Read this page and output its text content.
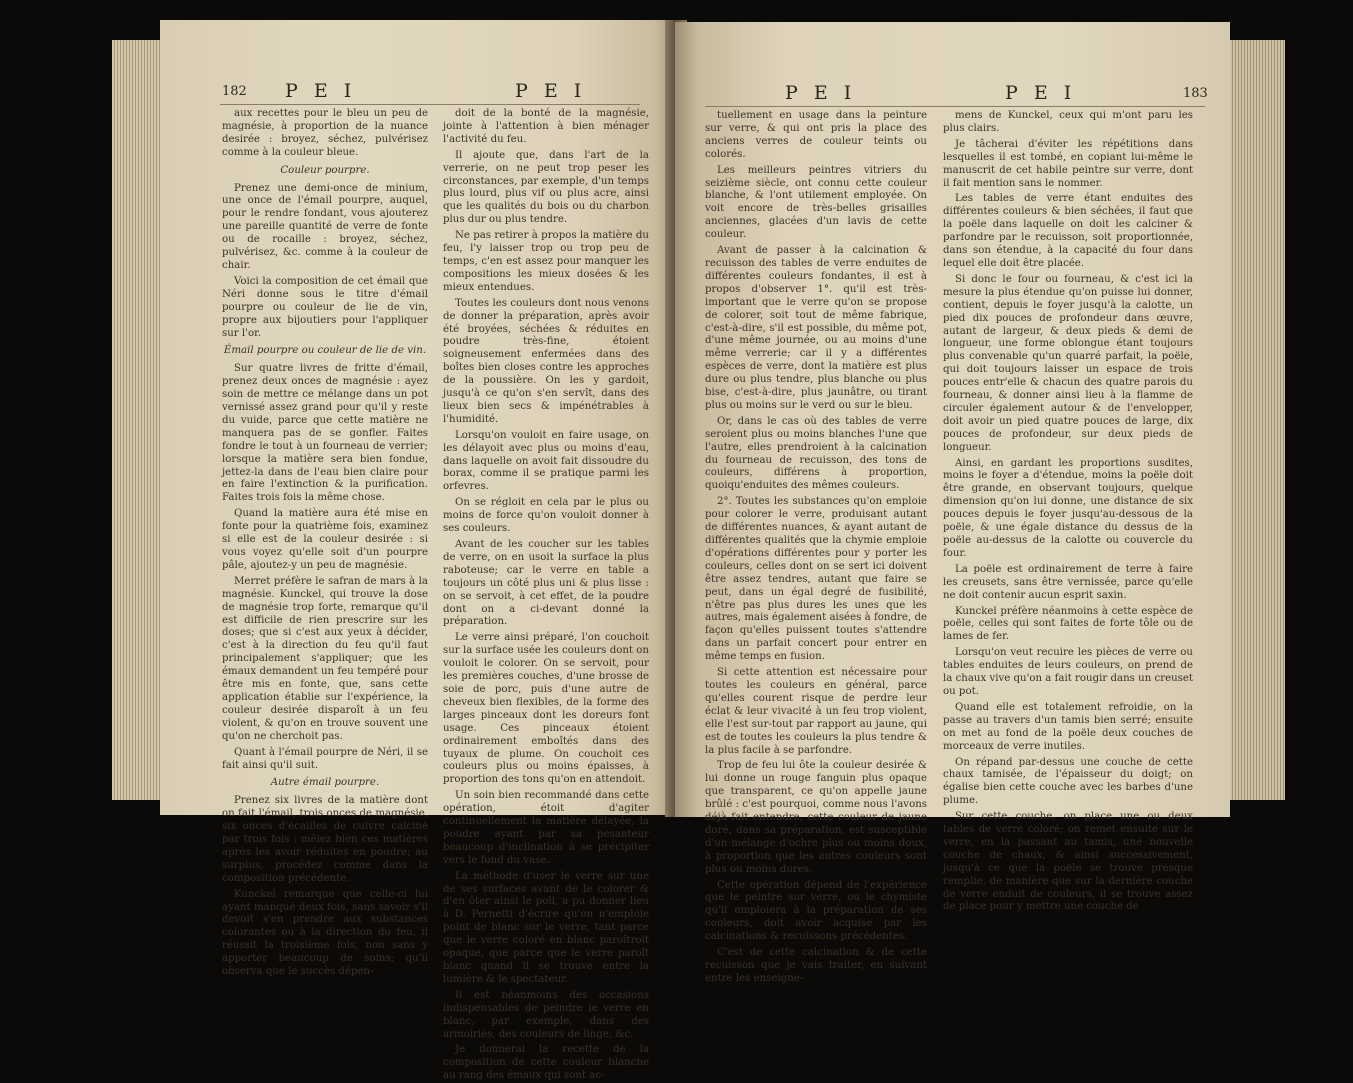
182 P E I	P E I

aux recettes pour le bleu un peu de magnésie, à proportion de la nuance desirée : broyez, séchez, pulvérisez comme à la couleur bleue.

Couleur pourpre.

Prenez une demi-once de minium, une once de l'émail pourpre, auquel, pour le rendre fondant, vous ajouterez une pareille quantité de verre de fonte ou de rocaille : broyez, séchez, pulvérisez, &c. comme à la couleur de chair.

Voici la composition de cet émail que Néri donne sous le titre d'émail pourpre ou couleur de lie de vin, propre aux bijoutiers pour l'appliquer sur l'or.

Émail pourpre ou couleur de lie de vin.

Sur quatre livres de fritte d'émail, prenez deux onces de magnésie : ayez soin de mettre ce mélange dans un pot vernissé assez grand pour qu'il y reste du vuide, parce que cette matière ne manquera pas de se gonfler. Faites fondre le tout à un fourneau de verrier; lorsque la matière sera bien fondue, jettez-la dans de l'eau bien claire pour en faire l'extinction & la purification. Faites trois fois la même chose.

Quand la matière aura été mise en fonte pour la quatrième fois, examinez si elle est de la couleur desirée : si vous voyez qu'elle soit d'un pourpre pâle, ajoutez-y un peu de magnésie.

Merret préfère le safran de mars à la magnésie. Kunckel, qui trouve la dose de magnésie trop forte, remarque qu'il est difficile de rien prescrire sur les doses; que si c'est aux yeux à décider, c'est à la direction du feu qu'il faut principalement s'appliquer; que les émaux demandent un feu tempéré pour être mis en fonte, que, sans cette application établie sur l'expérience, la couleur desirée disparoît à un feu violent, & qu'on en trouve souvent une qu'on ne cherchoit pas.

Quant à l'émail pourpre de Néri, il se fait ainsi qu'il suit.

Autre émail pourpre.

Prenez six livres de la matière dont on fait l'émail, trois onces de magnésie, six onces d'écailles de cuivre calciné par trois fois : mêlez bien ces matières après les avoir réduites en poudre; au surplus, procédez comme dans la composition précédente.

Kunckel remarque que celle-ci lui ayant manqué deux fois, sans savoir s'il devoit s'en prendre aux substances colorantes ou à la direction du feu, il réussit la troisième fois, non sans y apporter beaucoup de soins; qu'il observa que le succès dépen-

doit de la bonté de la magnésie, jointe à l'attention à bien ménager l'activité du feu.

Il ajoute que, dans l'art de la verrerie, on ne peut trop peser les circonstances, par exemple, d'un temps plus lourd, plus vif ou plus acre, ainsi que les qualités du bois ou du charbon plus dur ou plus tendre.

Ne pas retirer à propos la matière du feu, l'y laisser trop ou trop peu de temps, c'en est assez pour manquer les compositions les mieux dosées & les mieux entendues.

Toutes les couleurs dont nous venons de donner la préparation, après avoir été broyées, séchées & réduites en poudre très-fine, étoient soigneusement enfermées dans des boîtes bien closes contre les approches de la poussière. On les y gardoit, jusqu'à ce qu'on s'en servît, dans des lieux bien secs & impénétrables à l'humidité.

Lorsqu'on vouloit en faire usage, on les délayoit avec plus ou moins d'eau, dans laquelle on avoit fait dissoudre du borax, comme il se pratique parmi les orfevres.

On se régloit en cela par le plus ou moins de force qu'on vouloit donner à ses couleurs.

Avant de les coucher sur les tables de verre, on en usoit la surface la plus raboteuse; car le verre en table a toujours un côté plus uni & plus lisse : on se servoit, à cet effet, de la poudre dont on a ci-devant donné la préparation.

Le verre ainsi préparé, l'on couchoit sur la surface usée les couleurs dont on vouloit le colorer. On se servoit, pour les premières couches, d'une brosse de soie de porc, puis d'une autre de cheveux bien flexibles, de la forme des larges pinceaux dont les doreurs font usage. Ces pinceaux étoient ordinairement emboîtés dans des tuyaux de plume. On couchoit ces couleurs plus ou moins épaisses, à proportion des tons qu'on en attendoit.

Un soin bien recommandé dans cette opération, étoit d'agiter continuellement la matière délayée, la poudre ayant par sa pesanteur beaucoup d'inclination à se précipiter vers le fond du vase.

La méthode d'user le verre sur une de ses surfaces avant de le colorer & d'en ôter ainsi le poli, a pu donner lieu à D. Pernetti d'écrire qu'on n'emploie point de blanc sur le verre, tant parce que le verre coloré en blanc paroîtroit opaque, que parce que le verre paroît blanc quand il se trouve entre la lumière & le spectateur.

Il est néanmoins des occasions indispensables de peindre le verre en blanc, par exemple, dans des armoiries, des couleurs de linge, &c.

Je donnerai la recette de la composition de cette couleur blanche au rang des émaux qui sont ac-

P E I	P E I	183

tuellement en usage dans la peinture sur verre, & qui ont pris la place des anciens verres de couleur teints ou colorés.

Les meilleurs peintres vitriers du seizième siècle, ont connu cette couleur blanche, & l'ont utilement employée. On voit encore de très-belles grisailles anciennes, glacées d'un lavis de cette couleur.

Avant de passer à la calcination & recuisson des tables de verre enduites de différentes couleurs fondantes, il est à propos d'observer 1°. qu'il est très-important que le verre qu'on se propose de colorer, soit tout de même fabrique, c'est-à-dire, s'il est possible, du même pot, d'une même journée, ou au moins d'une même verrerie; car il y a différentes espèces de verre, dont la matière est plus dure ou plus tendre, plus blanche ou plus bise, c'est-à-dire, plus jaunâtre, ou tirant plus ou moins sur le verd ou sur le bleu.

Or, dans le cas où des tables de verre seroient plus ou moins blanches l'une que l'autre, elles prendroient à la calcination du fourneau de recuisson, des tons de couleurs, différens à proportion, quoiqu'enduites des mêmes couleurs.

2°. Toutes les substances qu'on emploie pour colorer le verre, produisant autant de différentes nuances, & ayant autant de différentes qualités que la chymie emploie d'opérations différentes pour y porter les couleurs, celles dont on se sert ici doivent être assez tendres, autant que faire se peut, dans un égal degré de fusibilité, n'être pas plus dures les unes que les autres, mais également aisées à fondre, de façon qu'elles puissent toutes s'attendre dans un parfait concert pour entrer en même temps en fusion.

Si cette attention est nécessaire pour toutes les couleurs en général, parce qu'elles courent risque de perdre leur éclat & leur vivacité à un feu trop violent, elle l'est sur-tout par rapport au jaune, qui est de toutes les couleurs la plus tendre & la plus facile à se parfondre.

Trop de feu lui ôte la couleur desirée & lui donne un rouge fanguin plus opaque que transparent, ce qu'on appelle jaune brûlé : c'est pourquoi, comme nous l'avons déjà fait entendre, cette couleur de jaune doré, dans sa préparation, est susceptible d'un mélange d'ochre plus ou moins doux, à proportion que les autres couleurs sont plus ou moins dures.

Cette opération dépend de l'expérience que le peintre sur verre, ou le chymiste qu'il emploiera à la préparation de ses couleurs, doit avoir acquise par les calcinations & recuissons précédentes.

C'est de cette calcination & de cette recuisson que je vais traiter, en suivant entre les enseigne-

mens de Kunckel, ceux qui m'ont paru les plus clairs.

Je tâcherai d'éviter les répétitions dans lesquelles il est tombé, en copiant lui-même le manuscrit de cet habile peintre sur verre, dont il fait mention sans le nommer.

Les tables de verre étant enduites des différentes couleurs & bien séchées, il faut que la poële dans laquelle on doit les calciner & parfondre par le recuisson, soit proportionnée, dans son étendue, à la capacité du four dans lequel elle doit être placée.

Si donc le four ou fourneau, & c'est ici la mesure la plus étendue qu'on puisse lui donner, contient, depuis le foyer jusqu'à la calotte, un pied dix pouces de profondeur dans œuvre, autant de largeur, & deux pieds & demi de longueur, une forme oblongue étant toujours plus convenable qu'un quarré parfait, la poële, qui doit toujours laisser un espace de trois pouces entr'elle & chacun des quatre parois du fourneau, & donner ainsi lieu à la flamme de circuler également autour & de l'envelopper, doit avoir un pied quatre pouces de large, dix pouces de profondeur, sur deux pieds de longueur.

Ainsi, en gardant les proportions susdites, moins le foyer a d'étendue, moins la poële doit être grande, en observant toujours, quelque dimension qu'on lui donne, une distance de six pouces depuis le foyer jusqu'au-dessous de la poële, & une égale distance du dessus de la poële au-dessus de la calotte ou couvercle du four.

La poële est ordinairement de terre à faire les creusets, sans être vernissée, parce qu'elle ne doit contenir aucun esprit saxin.

Kunckel préfère néanmoins à cette espèce de poële, celles qui sont faites de forte tôle ou de lames de fer.

Lorsqu'on veut recuire les pièces de verre ou tables enduites de leurs couleurs, on prend de la chaux vive qu'on a fait rougir dans un creuset ou pot.

Quand elle est totalement refroidie, on la passe au travers d'un tamis bien serré; ensuite on met au fond de la poële deux couches de morceaux de verre inutiles.

On répand par-dessus une couche de cette chaux tamisée, de l'épaisseur du doigt; on égalise bien cette couche avec les barbes d'une plume.

Sur cette couche, on place une ou deux tables de verre coloré; on remet ensuite sur le verre, en la passant au tamis, une nouvelle couche de chaux, & ainsi successivement, jusqu'à ce que la poële se trouve presque remplie, de manière que sur la dernière couche de verre enduit de couleurs, il se trouve assez de place pour y mettre une couche de
